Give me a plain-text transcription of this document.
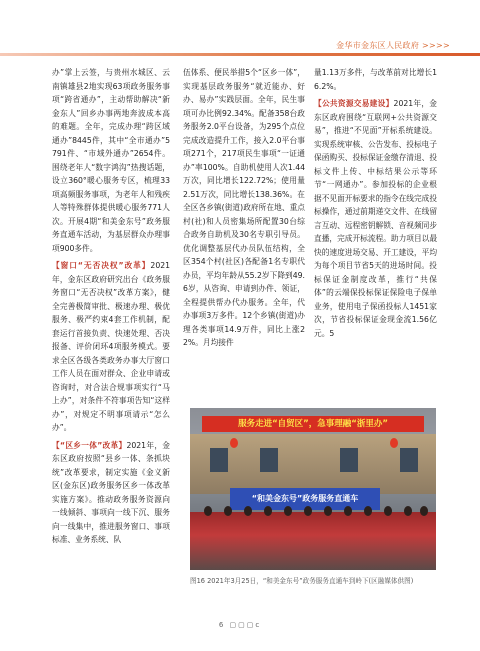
金华市金东区人民政府 >>>>

办”掌上云签，与贵州水城区、云南镇雄县2地实现63项政务服务事项“跨省通办”，主动帮助解决“新金东人”回乡办事两地奔波成本高的难题。全年，完成办理“跨区域通办”8445件，其中“全市通办”5791件、“市域外通办”2654件。围绕老年人“数字鸿沟”热搜话题，设立360°暖心服务专区，梳理33项高频服务事项，为老年人和残疾人等特殊群体提供暖心服务771人次。开展4期“和美金东号”政务服务直通车活动，为基层群众办理事项900多件。

【窗口“无否决权”改革】2021年，金东区政府研究出台《政务服务窗口“无否决权”改革方案》，健全完善极简审批、极速办理、极优服务、极严约束4套工作机制，配套运行首接负责、快速处理、否决报备、评价闭环4项服务模式。要求全区各级各类政务办事大厅窗口工作人员在面对群众、企业申请或咨询时，对合法合规事项实行“马上办”，对条件不符事项告知“这样办”，对规定不明事项请示“怎么办”。

【“区乡一体”改革】2021年，金东区政府按照“县乡一体、条抓块统”改革要求，制定实施《金义新区(金东区)政务服务区乡一体改革实施方案》。推动政务服务资源向一线倾斜、事项向一线下沉、服务向一线集中，推进服务窗口、事项标准、业务系统、队

伍体系、便民举措5个“区乡一体”，实现基层政务服务“就近能办、好办、易办”实践层面。全年，民生事项可办比例92.34%。配备358台政务服务2.0平台设备，为295个点位完成改造提升工作，接入2.0平台事项271个，217项民生事项“一证通办”率100%。自助机使用人次1.44万次，同比增长122.72%；使用量2.51万次，同比增长138.36%。在全区各乡镇(街道)政府所在地、重点村(社)和人员密集场所配置30台综合政务自助机及30名专职引导员。优化调整基层代办员队伍结构，全区354个村(社区)各配备1名专职代办员，平均年龄从55.2岁下降到49.6岁，从咨询、申请到办件、领证，全程提供帮办代办服务。全年，代办事项3万多件。12个乡镇(街道)办理各类事项14.9万件，同比上涨22%。月均接件

量1.13万多件，与改革前对比增长16.2%。

【公共资源交易建设】2021年，金东区政府围绕“互联网+公共资源交易”，推进“不见面”开标系统建设。实现系统审核、公告发布、投标电子保函购买、投标保证金缴存清退、投标文件上传、中标结果公示等环节“一网通办”。参加投标的企业根据不见面开标要求的指令在线完成投标操作，通过前期递交文件、在线留言互动、远程密钥解锁、音视频同步直播，完成开标流程。助力项目以最快的速度进场交易、开工建设，平均为每个项目节省5天的进场时间。投标保证金制度改革，推行“共保体”的云端保投标保证保险电子保单业务，使用电子保函投标人1451家次，节省投标保证金现金流1.56亿元。5

服务走进“自贸区”，急事理融“浙里办”
“和美金东号”政务服务直通车
图16 2021年3月25日，“和美金东号”政务服务直通车到岭下(区融媒体供图)
6 ▢▢▢c
